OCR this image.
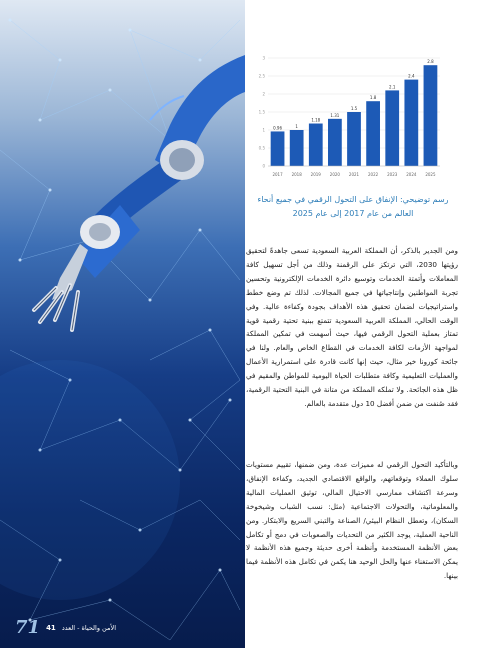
71 41 الأمن والحياة - العدد
0
0.5
1
1.5
2
2.5
3
0.96
2017
1
2018
1.18
2019
1.31
2020
1.5
2021
1.8
2022
2.1
2023
2.4
2024
2.8
2025
رسم توضيحي: الإنفاق على التحول الرقمي في جميع أنحاء العالم من عام 2017 إلى عام 2025

ومن الجدير بالذكر، أن المملكة العربية السعودية تسعى جاهدةً لتحقيق رؤيتها 2030، التي ترتكز على الرقمنة وذلك من أجل تسهيل كافة المعاملات وأتمتة الخدمات وتوسيع دائرة الخدمات الإلكترونية وتحسين تجربة المواطنين وإنتاجياتها في جميع المجالات. لذلك تم وضع خطط واستراتيجيات لضمان تحقيق هذه الأهداف بجودة وكفاءة عالية. وفي الوقت الحالي، المملكة العربية السعودية تتمتع ببنية تحتية رقمية قوية تمتاز بعملية التحول الرقمي فيها، حيث أسهمت في تمكين المملكة لمواجهة الأزمات لكافة الخدمات في القطاع الخاص والعام. ولنا في جائحة كورونا خير مثال، حيث إنها كانت قادرة على استمرارية الأعمال والعمليات التعليمية وكافة متطلبات الحياة اليومية للمواطن والمقيم في ظل هذه الجائحة. ولا تملكه المملكة من متانة في البنية التحتية الرقمية، فقد صُنفت من ضمن أفضل 10 دول متقدمة بالعالم.

وبالتأكيد التحول الرقمي له مميزات عدة، ومن ضمنها، تقييم مستويات سلوك العملاء وتوقعاتهم، والواقع الاقتصادي الجديد، وكفاءة الإنفاق، وسرعة اكتشاف ممارسي الاحتيال المالي، توثيق العمليات المالية والمعلوماتية، والتحولات الاجتماعية (مثل: نسب الشباب وشيخوخة السكان)، وتعطل النظام البيئي/ الصناعة والتبني السريع والابتكار. ومن الناحية العملية، يوجد الكثير من التحديات والصعوبات في دمج أو تكامل بعض الأنظمة المستخدمة وأنظمة أخرى حديثة وجميع هذه الأنظمة لا يمكن الاستغناء عنها والحل الوحيد هنا يكمن في تكامل هذه الأنظمة فيما بينها.
